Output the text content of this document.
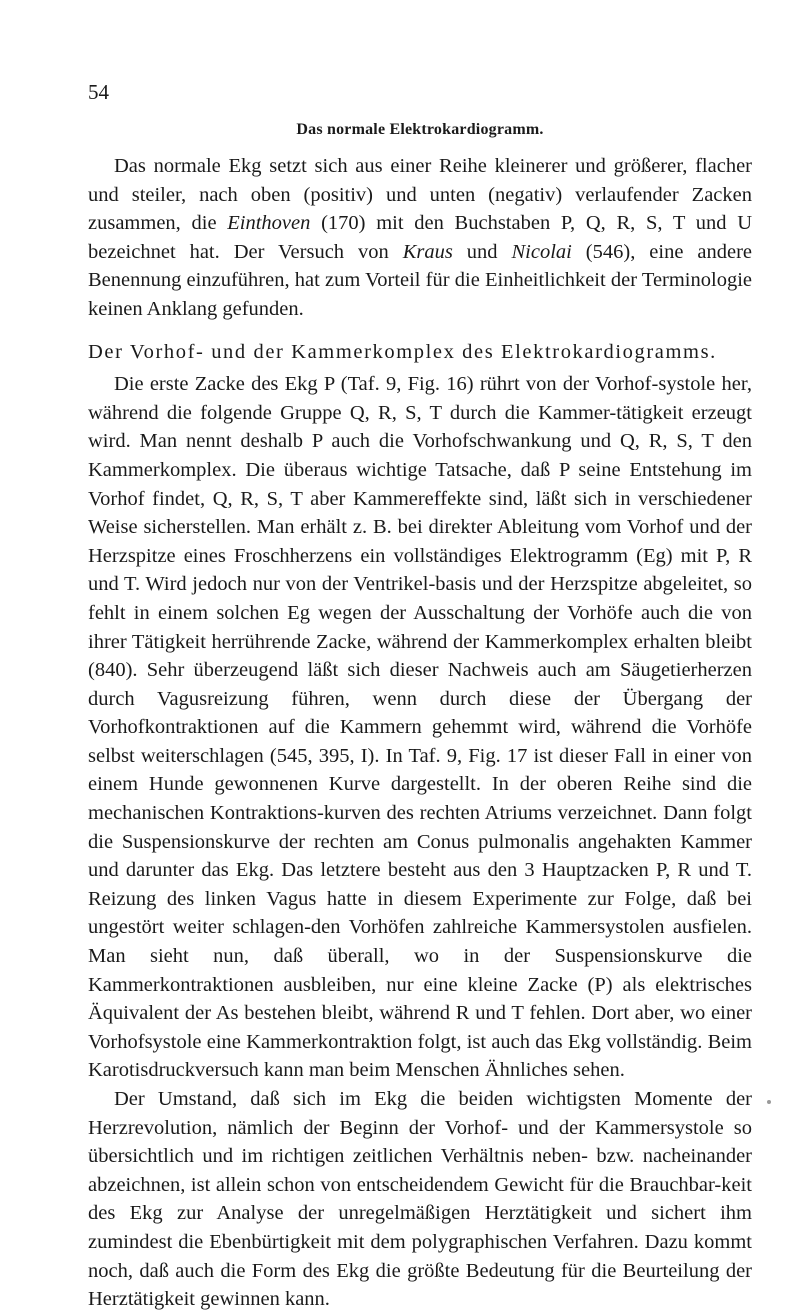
54
Das normale Elektrokardiogramm.

Das normale Ekg setzt sich aus einer Reihe kleinerer und größerer, flacher und steiler, nach oben (positiv) und unten (negativ) verlaufender Zacken zusammen, die Einthoven (170) mit den Buchstaben P, Q, R, S, T und U bezeichnet hat. Der Versuch von Kraus und Nicolai (546), eine andere Benennung einzuführen, hat zum Vorteil für die Einheitlichkeit der Terminologie keinen Anklang gefunden.

Der Vorhof- und der Kammerkomplex des Elektrokardiogramms.

Die erste Zacke des Ekg P (Taf. 9, Fig. 16) rührt von der Vorhof-systole her, während die folgende Gruppe Q, R, S, T durch die Kammer-tätigkeit erzeugt wird. Man nennt deshalb P auch die Vorhofschwankung und Q, R, S, T den Kammerkomplex. Die überaus wichtige Tatsache, daß P seine Entstehung im Vorhof findet, Q, R, S, T aber Kammereffekte sind, läßt sich in verschiedener Weise sicherstellen. Man erhält z. B. bei direkter Ableitung vom Vorhof und der Herzspitze eines Froschherzens ein vollständiges Elektrogramm (Eg) mit P, R und T. Wird jedoch nur von der Ventrikel-basis und der Herzspitze abgeleitet, so fehlt in einem solchen Eg wegen der Ausschaltung der Vorhöfe auch die von ihrer Tätigkeit herrührende Zacke, während der Kammerkomplex erhalten bleibt (840). Sehr überzeugend läßt sich dieser Nachweis auch am Säugetierherzen durch Vagusreizung führen, wenn durch diese der Übergang der Vorhofkontraktionen auf die Kammern gehemmt wird, während die Vorhöfe selbst weiterschlagen (545, 395, I). In Taf. 9, Fig. 17 ist dieser Fall in einer von einem Hunde gewonnenen Kurve dargestellt. In der oberen Reihe sind die mechanischen Kontraktions-kurven des rechten Atriums verzeichnet. Dann folgt die Suspensionskurve der rechten am Conus pulmonalis angehakten Kammer und darunter das Ekg. Das letztere besteht aus den 3 Hauptzacken P, R und T. Reizung des linken Vagus hatte in diesem Experimente zur Folge, daß bei ungestört weiter schlagen-den Vorhöfen zahlreiche Kammersystolen ausfielen. Man sieht nun, daß überall, wo in der Suspensionskurve die Kammerkontraktionen ausbleiben, nur eine kleine Zacke (P) als elektrisches Äquivalent der As bestehen bleibt, während R und T fehlen. Dort aber, wo einer Vorhofsystole eine Kammerkontraktion folgt, ist auch das Ekg vollständig. Beim Karotisdruckversuch kann man beim Menschen Ähnliches sehen.

Der Umstand, daß sich im Ekg die beiden wichtigsten Momente der Herzrevolution, nämlich der Beginn der Vorhof- und der Kammersystole so übersichtlich und im richtigen zeitlichen Verhältnis neben- bzw. nacheinander abzeichnen, ist allein schon von entscheidendem Gewicht für die Brauchbar-keit des Ekg zur Analyse der unregelmäßigen Herztätigkeit und sichert ihm zumindest die Ebenbürtigkeit mit dem polygraphischen Verfahren. Dazu kommt noch, daß auch die Form des Ekg die größte Bedeutung für die Beurteilung der Herztätigkeit gewinnen kann.
